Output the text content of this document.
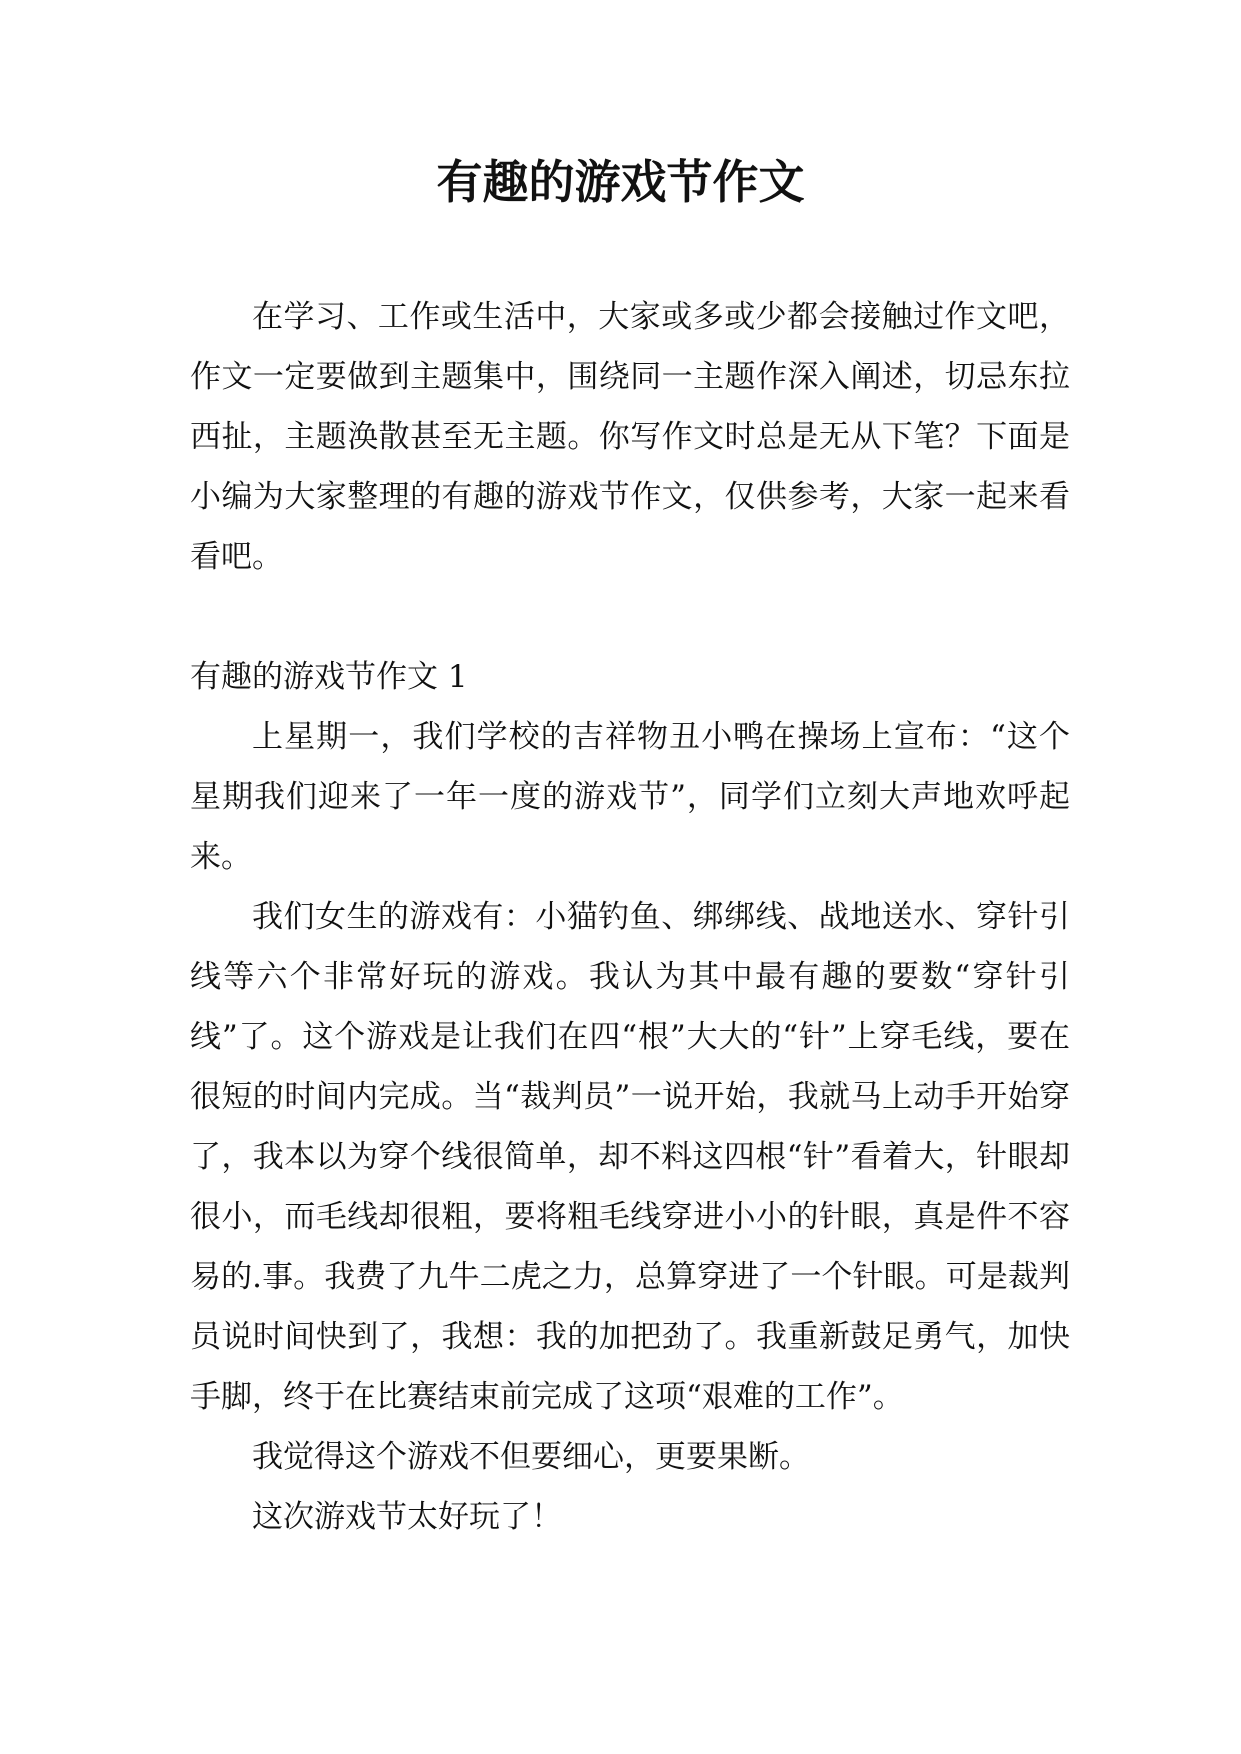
有趣的游戏节作文

在学习、工作或生活中，大家或多或少都会接触过作文吧，作文一定要做到主题集中，围绕同一主题作深入阐述，切忌东拉西扯，主题涣散甚至无主题。你写作文时总是无从下笔？下面是小编为大家整理的有趣的游戏节作文，仅供参考，大家一起来看看吧。

有趣的游戏节作文 1

上星期一，我们学校的吉祥物丑小鸭在操场上宣布：“这个星期我们迎来了一年一度的游戏节”，同学们立刻大声地欢呼起来。

我们女生的游戏有：小猫钓鱼、绑绑线、战地送水、穿针引线等六个非常好玩的游戏。我认为其中最有趣的要数“穿针引线”了。这个游戏是让我们在四“根”大大的“针”上穿毛线，要在很短的时间内完成。当“裁判员”一说开始，我就马上动手开始穿了，我本以为穿个线很简单，却不料这四根“针”看着大，针眼却很小，而毛线却很粗，要将粗毛线穿进小小的针眼，真是件不容易的.事。我费了九牛二虎之力，总算穿进了一个针眼。可是裁判员说时间快到了，我想：我的加把劲了。我重新鼓足勇气，加快手脚，终于在比赛结束前完成了这项“艰难的工作”。

我觉得这个游戏不但要细心，更要果断。

这次游戏节太好玩了！
